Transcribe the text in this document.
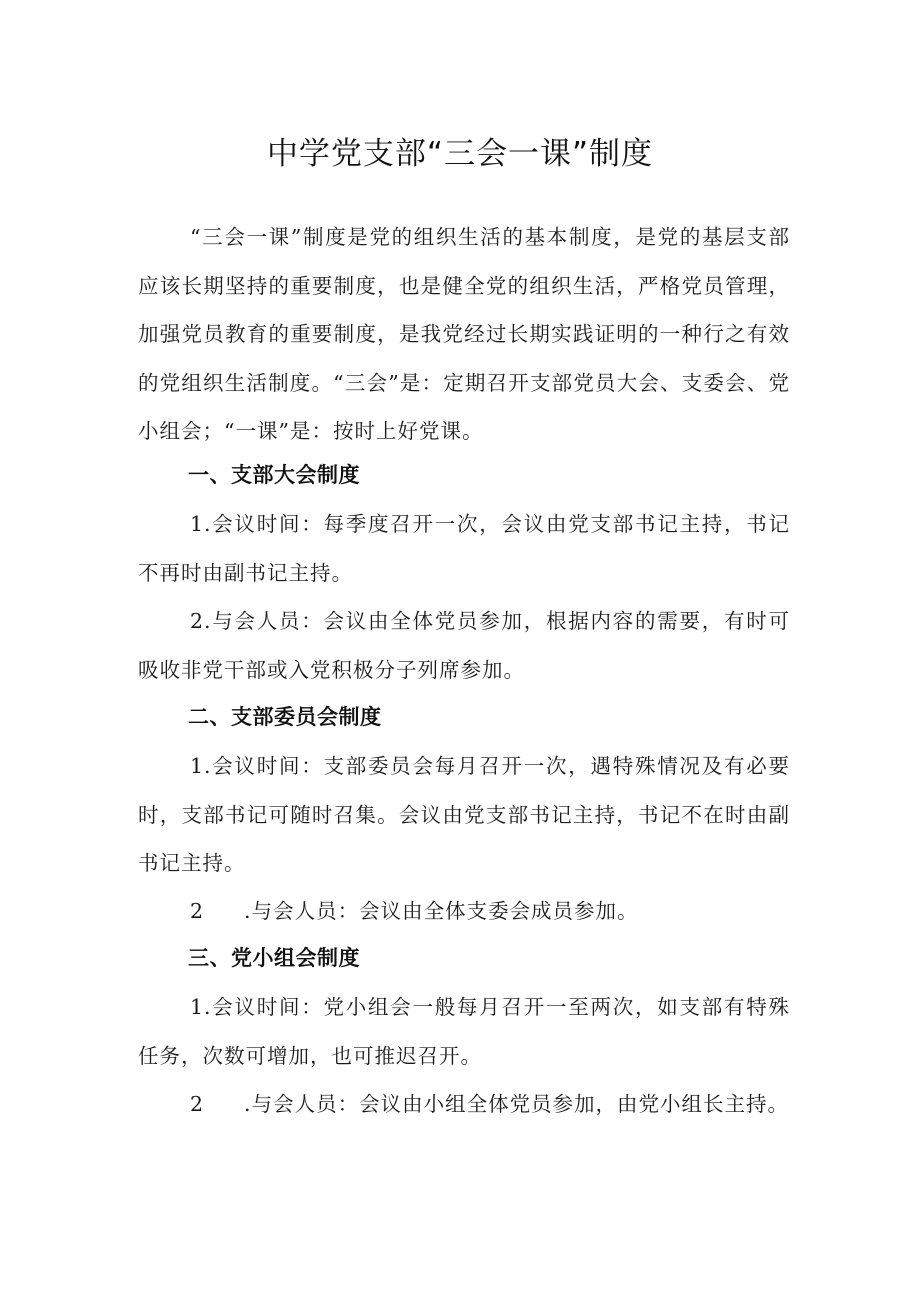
中学党支部“三会一课”制度

“三会一课”制度是党的组织生活的基本制度，是党的基层支部应该长期坚持的重要制度，也是健全党的组织生活，严格党员管理，加强党员教育的重要制度，是我党经过长期实践证明的一种行之有效的党组织生活制度。“三会”是：定期召开支部党员大会、支委会、党小组会；“一课”是：按时上好党课。

一、支部大会制度

1.会议时间：每季度召开一次，会议由党支部书记主持，书记不再时由副书记主持。

2.与会人员：会议由全体党员参加，根据内容的需要，有时可吸收非党干部或入党积极分子列席参加。

二、支部委员会制度

1.会议时间：支部委员会每月召开一次，遇特殊情况及有必要时，支部书记可随时召集。会议由党支部书记主持，书记不在时由副书记主持。

2 .与会人员：会议由全体支委会成员参加。

三、党小组会制度

1.会议时间：党小组会一般每月召开一至两次，如支部有特殊任务，次数可增加，也可推迟召开。

2 .与会人员：会议由小组全体党员参加，由党小组长主持。
